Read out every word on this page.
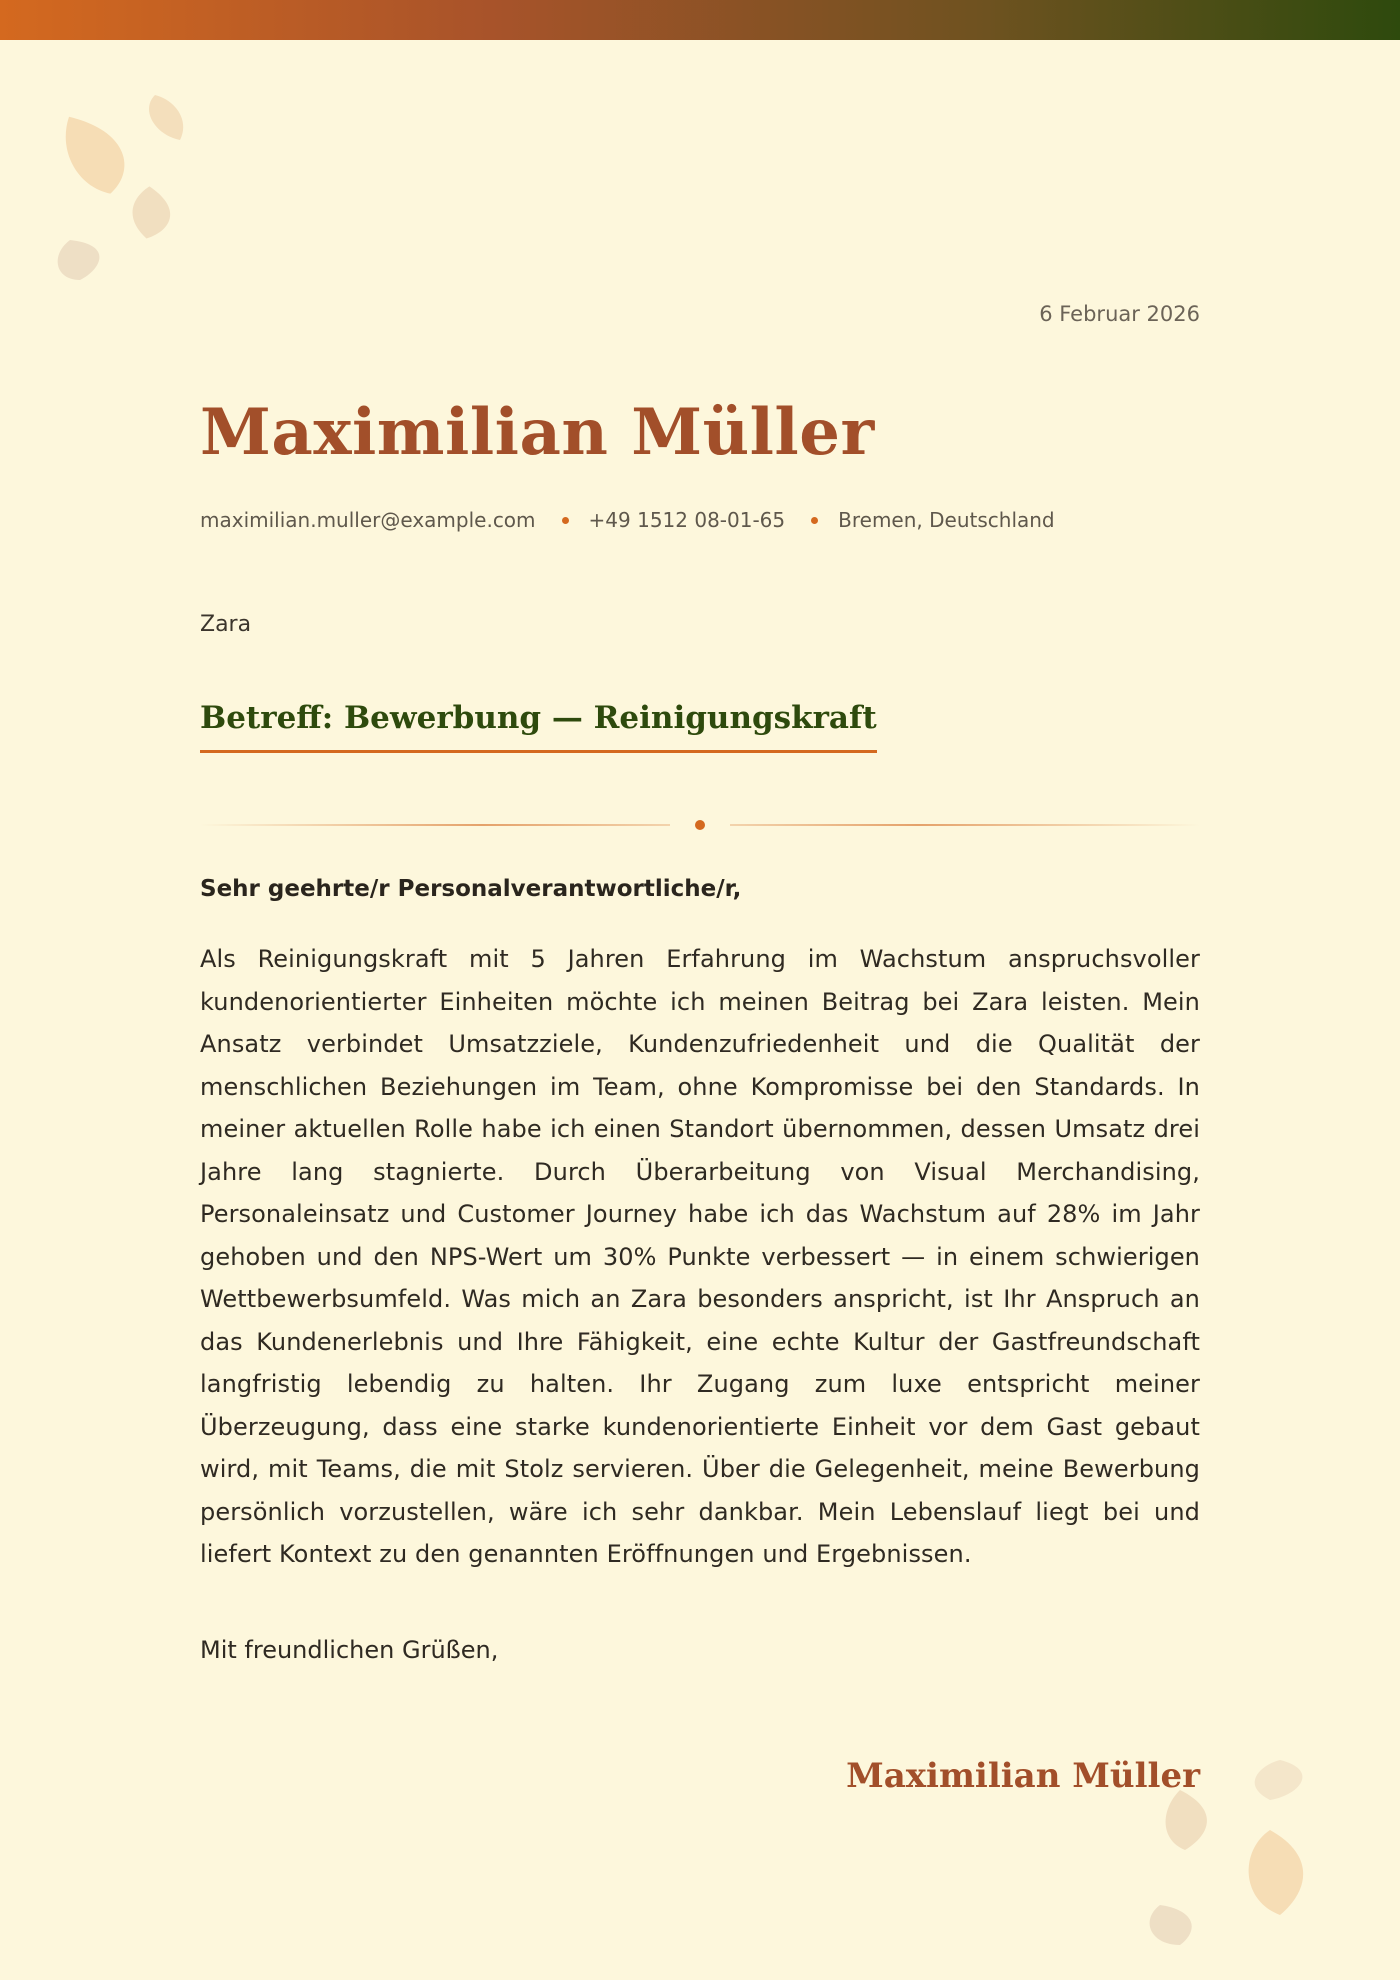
6 Februar 2026
Maximilian Müller
maximilian.muller@example.com	+49 1512 08-01-65	Bremen, Deutschland
Zara
Betreff: Bewerbung — Reinigungskraft
Sehr geehrte/r Personalverantwortliche/r,

Als Reinigungskraft mit 5 Jahren Erfahrung im Wachstum anspruchsvoller kundenorientierter Einheiten möchte ich meinen Beitrag bei Zara leisten. Mein Ansatz verbindet Umsatzziele, Kundenzufriedenheit und die Qualität der menschlichen Beziehungen im Team, ohne Kompromisse bei den Standards. In meiner aktuellen Rolle habe ich einen Standort übernommen, dessen Umsatz drei Jahre lang stagnierte. Durch Überarbeitung von Visual Merchandising, Personaleinsatz und Customer Journey habe ich das Wachstum auf 28% im Jahr gehoben und den NPS-Wert um 30% Punkte verbessert — in einem schwierigen Wettbewerbsumfeld. Was mich an Zara besonders anspricht, ist Ihr Anspruch an das Kundenerlebnis und Ihre Fähigkeit, eine echte Kultur der Gastfreundschaft langfristig lebendig zu halten. Ihr Zugang zum luxe entspricht meiner Überzeugung, dass eine starke kundenorientierte Einheit vor dem Gast gebaut wird, mit Teams, die mit Stolz servieren. Über die Gelegenheit, meine Bewerbung persönlich vorzustellen, wäre ich sehr dankbar. Mein Lebenslauf liegt bei und liefert Kontext zu den genannten Eröffnungen und Ergebnissen.

Mit freundlichen Grüßen,
Maximilian Müller
